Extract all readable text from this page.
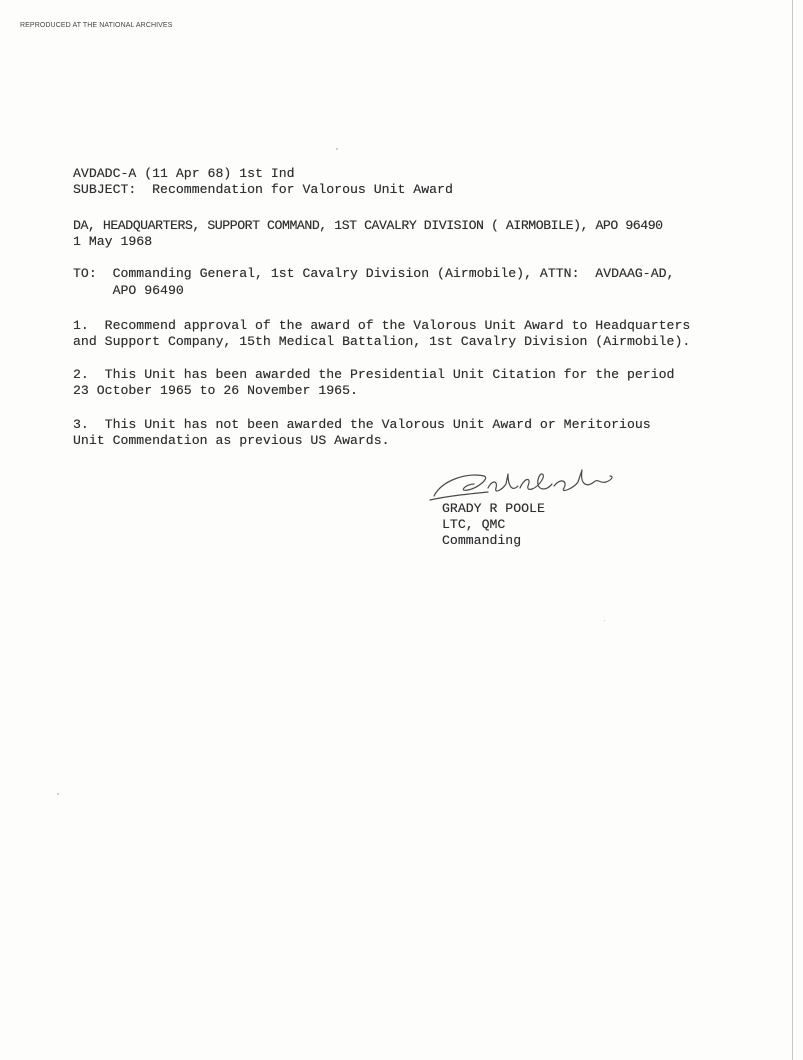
REPRODUCED AT THE NATIONAL ARCHIVES
AVDADC-A (11 Apr 68) 1st Ind
SUBJECT:  Recommendation for Valorous Unit Award
DA, HEADQUARTERS, SUPPORT COMMAND, 1ST CAVALRY DIVISION ( AIRMOBILE), APO 96490
1 May 1968
TO:  Commanding General, 1st Cavalry Division (Airmobile), ATTN:  AVDAAG-AD,
APO 96490
1.  Recommend approval of the award of the Valorous Unit Award to Headquarters
and Support Company, 15th Medical Battalion, 1st Cavalry Division (Airmobile).
2.  This Unit has been awarded the Presidential Unit Citation for the period
23 October 1965 to 26 November 1965.
3.  This Unit has not been awarded the Valorous Unit Award or Meritorious
Unit Commendation as previous US Awards.
GRADY R POOLE
LTC, QMC
Commanding
